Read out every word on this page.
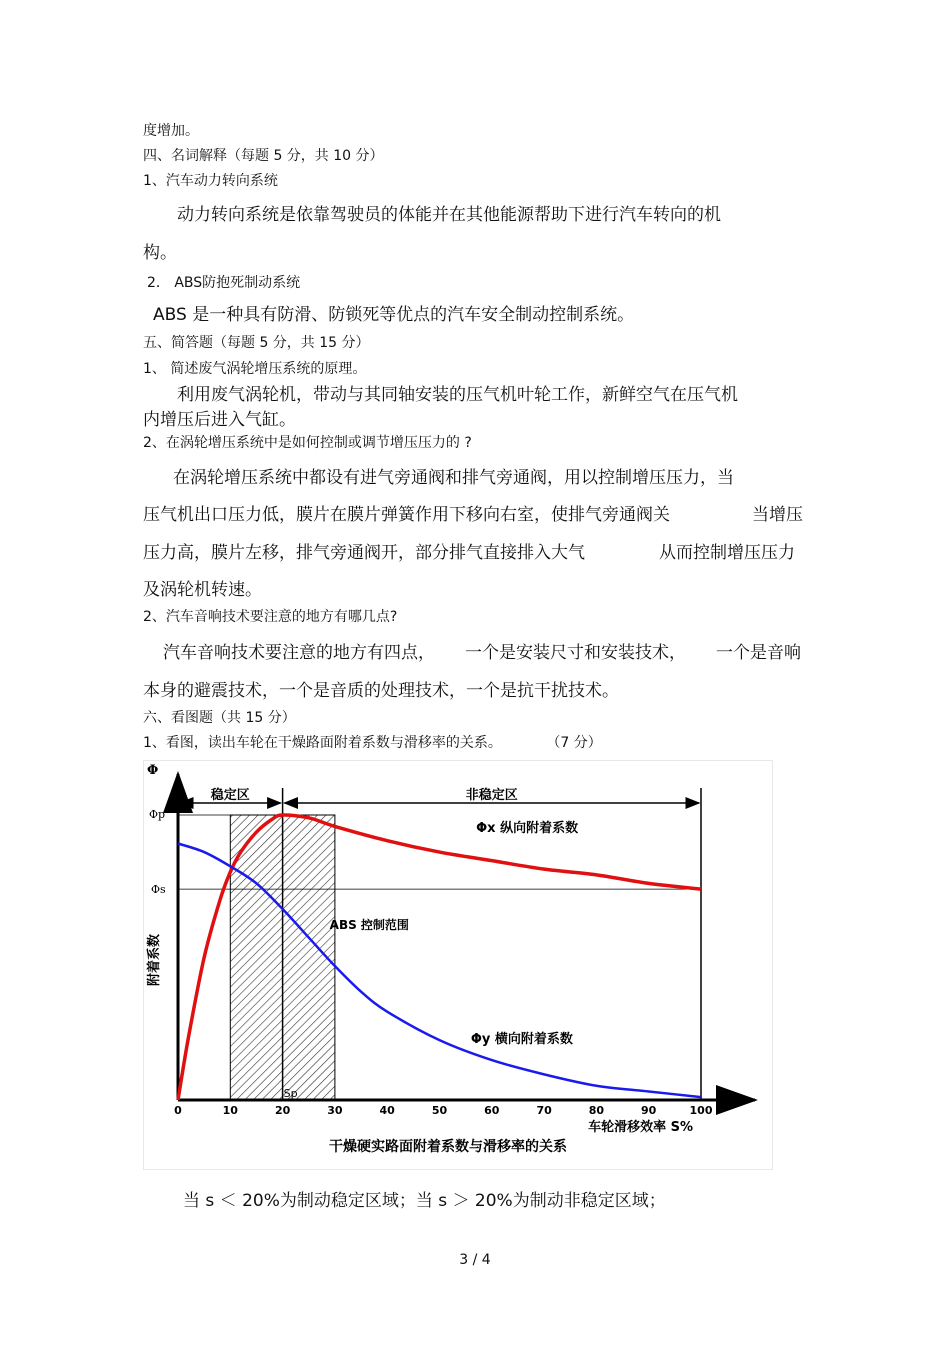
度增加。
四、名词解释（每题 5 分，共 10 分）
1、汽车动力转向系统
动力转向系统是依靠驾驶员的体能并在其他能源帮助下进行汽车转向的机
构。
2． ABS防抱死制动系统
ABS 是一种具有防滑、防锁死等优点的汽车安全制动控制系统。
五、简答题（每题 5 分，共 15 分）
1、 简述废气涡轮增压系统的原理。
利用废气涡轮机，带动与其同轴安装的压气机叶轮工作，新鲜空气在压气机
内增压后进入气缸。
2、在涡轮增压系统中是如何控制或调节增压压力的 ?
在涡轮增压系统中都设有进气旁通阀和排气旁通阀，用以控制增压压力，当
压气机出口压力低，膜片在膜片弹簧作用下移向右室，使排气旁通阀关	当增压
压力高，膜片左移，排气旁通阀开，部分排气直接排入大气	从而控制增压压力
及涡轮机转速。
2、汽车音响技术要注意的地方有哪几点?
汽车音响技术要注意的地方有四点， 一个是安装尺寸和安装技术， 一个是音响
本身的避震技术，一个是音质的处理技术，一个是抗干扰技术。
六、看图题（共 15 分）
1、看图，读出车轮在干燥路面附着系数与滑移率的关系。	（7 分）
稳定区	非稳定区
Φx 纵向附着系数
Φy 横向附着系数
ABS 控制范围
Sp
Φ
Φp
Φs
附着系数
车轮滑移效率 S%
干燥硬实路面附着系数与滑移率的关系
0	10	20	30	40	50	60	70	80	90	100
当 s ＜ 20%为制动稳定区域；当 s ＞ 20%为制动非稳定区域；
3 / 4
